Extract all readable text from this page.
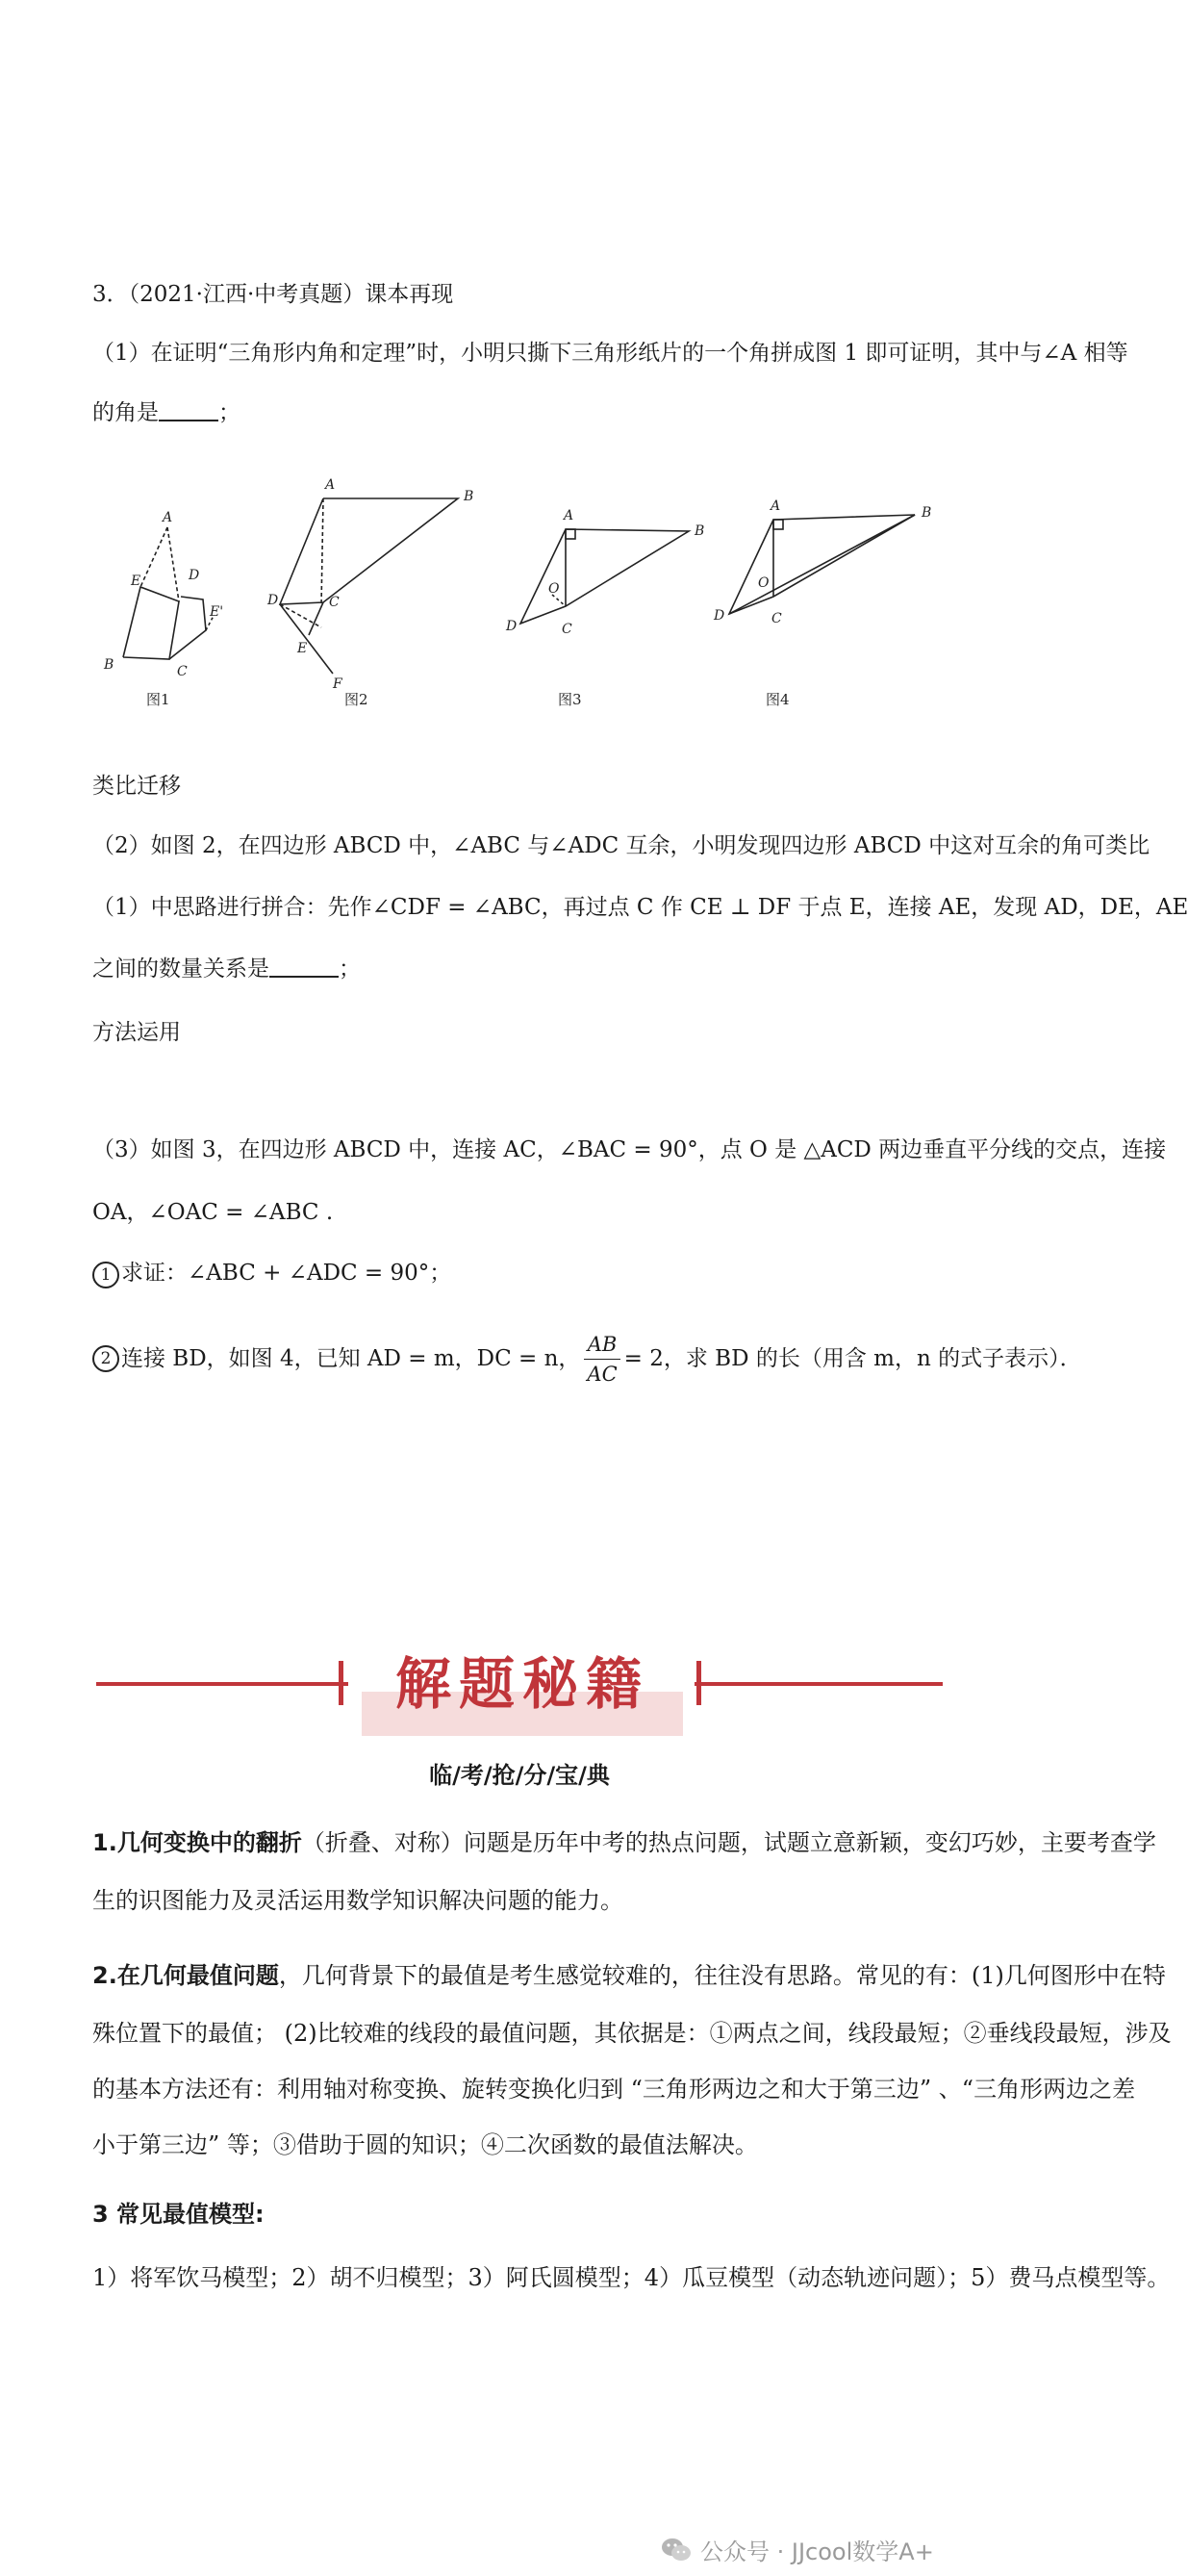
3．（2021·江西·中考真题）课本再现
（1）在证明“三角形内角和定理”时，小明只撕下三角形纸片的一个角拼成图 1 即可证明，其中与∠A 相等
的角是	；
A
E	D
E'
B	C
图1
A
B
D	C
E
F
图2
A
B
O
D	C
图3
A	B
O
D	C
图4
类比迁移
（2）如图 2，在四边形 ABCD 中，∠ABC 与∠ADC 互余，小明发现四边形 ABCD 中这对互余的角可类比
（1）中思路进行拼合：先作∠CDF = ∠ABC，再过点 C 作 CE ⊥ DF 于点 E，连接 AE，发现 AD，DE，AE
之间的数量关系是	；
方法运用
（3）如图 3，在四边形 ABCD 中，连接 AC，∠BAC = 90°，点 O 是 △ACD 两边垂直平分线的交点，连接
OA，∠OAC = ∠ABC .
1 求证：∠ABC + ∠ADC = 90°；
2 连接 BD，如图 4，已知 AD = m，DC = n， $\frac{AB}{AC} = 2$，求 BD 的长（用含 m，n 的式子表示）．
解题秘籍
临/考/抢/分/宝/典
1.几何变换中的翻折（折叠、对称）问题是历年中考的热点问题，试题立意新颖，变幻巧妙，主要考查学
生的识图能力及灵活运用数学知识解决问题的能力。
2.在几何最值问题，几何背景下的最值是考生感觉较难的，往往没有思路。常见的有：(1)几何图形中在特
殊位置下的最值； (2)比较难的线段的最值问题，其依据是：①两点之间，线段最短；②垂线段最短，涉及
的基本方法还有：利用轴对称变换、旋转变换化归到 “三角形两边之和大于第三边” 、“三角形两边之差
小于第三边” 等；③借助于圆的知识；④二次函数的最值法解决。
3 常见最值模型:
1）将军饮马模型；2）胡不归模型；3）阿氏圆模型；4）瓜豆模型（动态轨迹问题）；5）费马点模型等。
公众号 · JJcool数学A+
